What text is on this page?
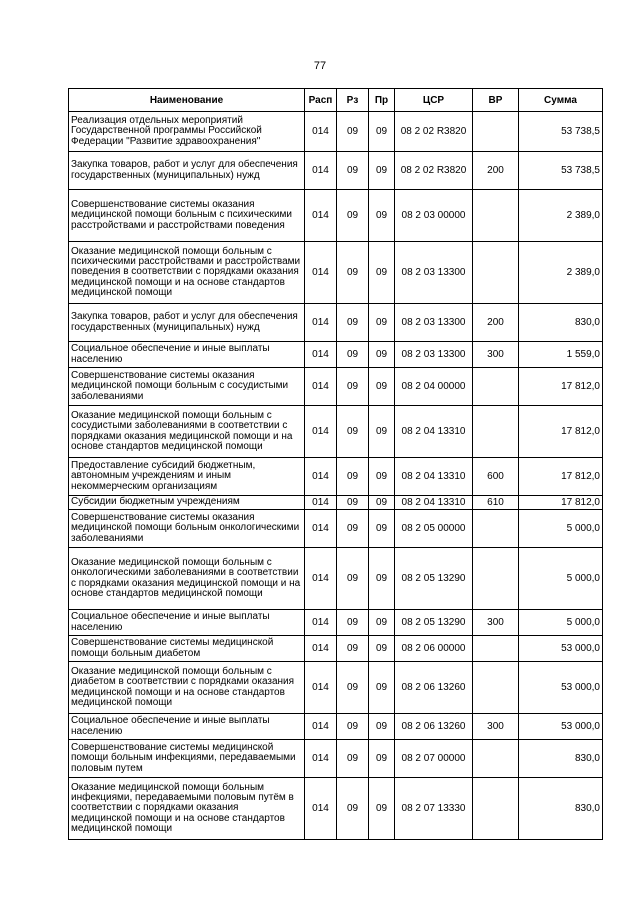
77
Наименование	Расп	Рз	Пр	ЦСР	ВР	Сумма
Реализация отдельных мероприятий Государственной программы Российской Федерации "Развитие здравоохранения"	014	09	09	08 2 02 R3820		53 738,5
Закупка товаров, работ и услуг для обеспечения государственных (муниципальных) нужд	014	09	09	08 2 02 R3820	200	53 738,5
Совершенствование системы оказания медицинской помощи больным с психическими расстройствами и расстройствами поведения	014	09	09	08 2 03 00000		2 389,0
Оказание медицинской помощи больным с психическими расстройствами и расстройствами поведения в соответствии с порядками оказания медицинской помощи и на основе стандартов медицинской помощи	014	09	09	08 2 03 13300		2 389,0
Закупка товаров, работ и услуг для обеспечения государственных (муниципальных) нужд	014	09	09	08 2 03 13300	200	830,0
Социальное обеспечение и иные выплаты населению	014	09	09	08 2 03 13300	300	1 559,0
Совершенствование системы оказания медицинской помощи больным с сосудистыми заболеваниями	014	09	09	08 2 04 00000		17 812,0
Оказание медицинской помощи больным с сосудистыми заболеваниями в соответствии с порядками оказания медицинской помощи и на основе стандартов медицинской помощи	014	09	09	08 2 04 13310		17 812,0
Предоставление субсидий бюджетным, автономным учреждениям и иным некоммерческим организациям	014	09	09	08 2 04 13310	600	17 812,0
Субсидии бюджетным учреждениям	014	09	09	08 2 04 13310	610	17 812,0
Совершенствование системы оказания медицинской помощи больным онкологическими заболеваниями	014	09	09	08 2 05 00000		5 000,0
Оказание медицинской помощи больным с онкологическими заболеваниями в соответствии с порядками оказания медицинской помощи и на основе стандартов медицинской помощи	014	09	09	08 2 05 13290		5 000,0
Социальное обеспечение и иные выплаты населению	014	09	09	08 2 05 13290	300	5 000,0
Совершенствование системы медицинской помощи больным диабетом	014	09	09	08 2 06 00000		53 000,0
Оказание медицинской помощи больным с диабетом в соответствии с порядками оказания медицинской помощи и на основе стандартов медицинской помощи	014	09	09	08 2 06 13260		53 000,0
Социальное обеспечение и иные выплаты населению	014	09	09	08 2 06 13260	300	53 000,0
Совершенствование системы медицинской помощи больным инфекциями, передаваемыми половым путем	014	09	09	08 2 07 00000		830,0
Оказание медицинской помощи больным инфекциями, передаваемыми половым путём в соответствии с порядками оказания медицинской помощи и на основе стандартов медицинской помощи	014	09	09	08 2 07 13330		830,0
